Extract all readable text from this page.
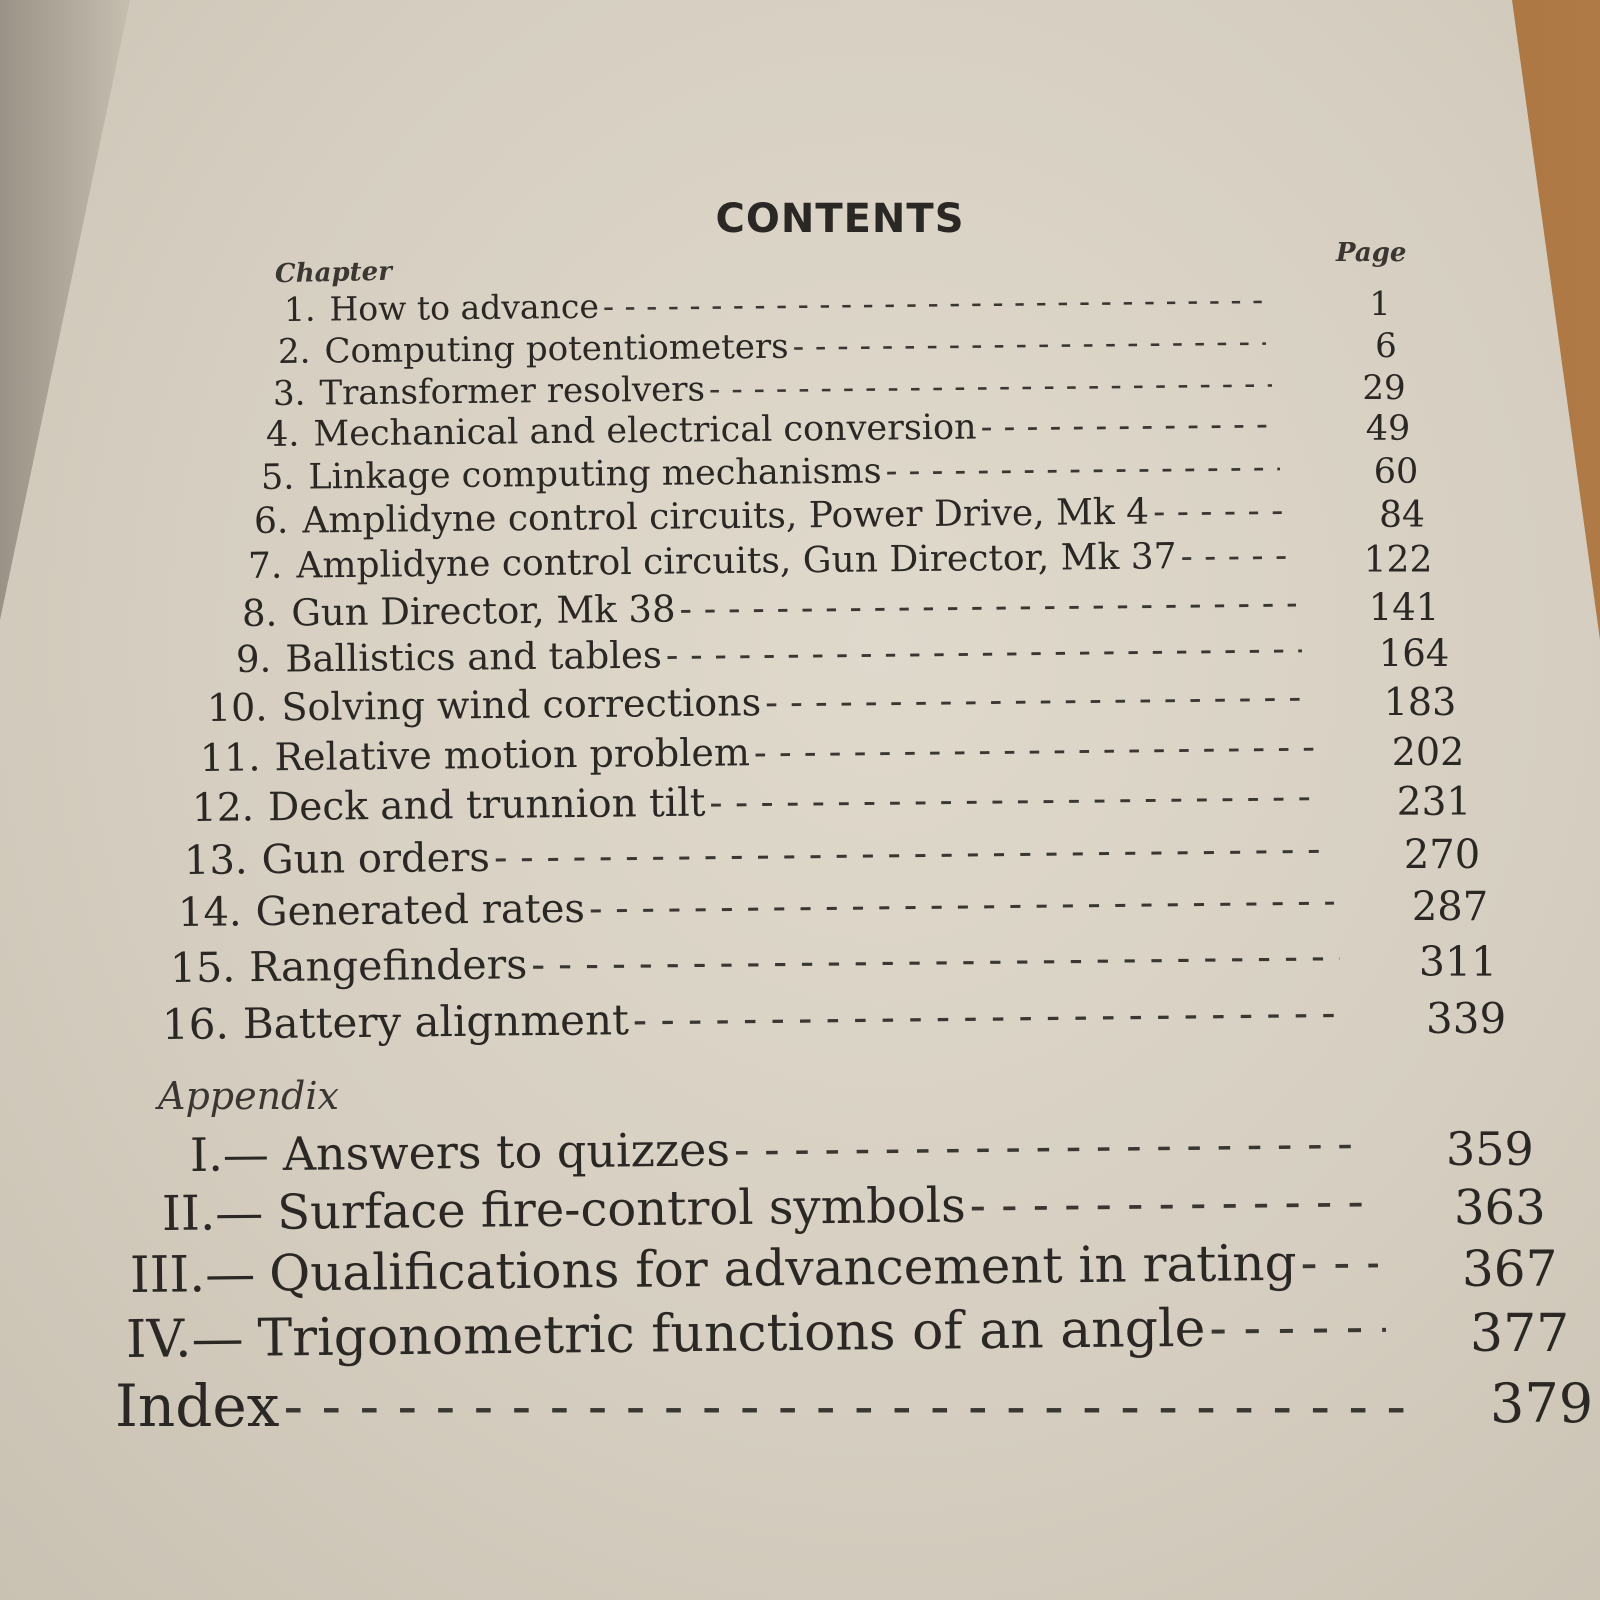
CONTENTS
Chapter
Page
1. How to advance - - -	1
2. Computing potentiometers - - -	6
3. Transformer resolvers - - -	29
4. Mechanical and electrical conversion - - -	49
5. Linkage computing mechanisms - - -	60
6. Amplidyne control circuits, Power Drive, Mk 4 - - -	84
7. Amplidyne control circuits, Gun Director, Mk 37 - - -	122
8. Gun Director, Mk 38 - - -	141
9. Ballistics and tables - - -	164
10. Solving wind corrections - - -	183
11. Relative motion problem - - -	202
12. Deck and trunnion tilt - - -	231
13. Gun orders - - -	270
14. Generated rates - - -	287
15. Rangefinders - - -	311
16. Battery alignment - - -	339
Appendix
I.— Answers to quizzes - - -	359
II.— Surface fire-control symbols - - -	363
III.— Qualifications for advancement in rating - - -	367
IV.— Trigonometric functions of an angle - - -	377
Index - - -	379
